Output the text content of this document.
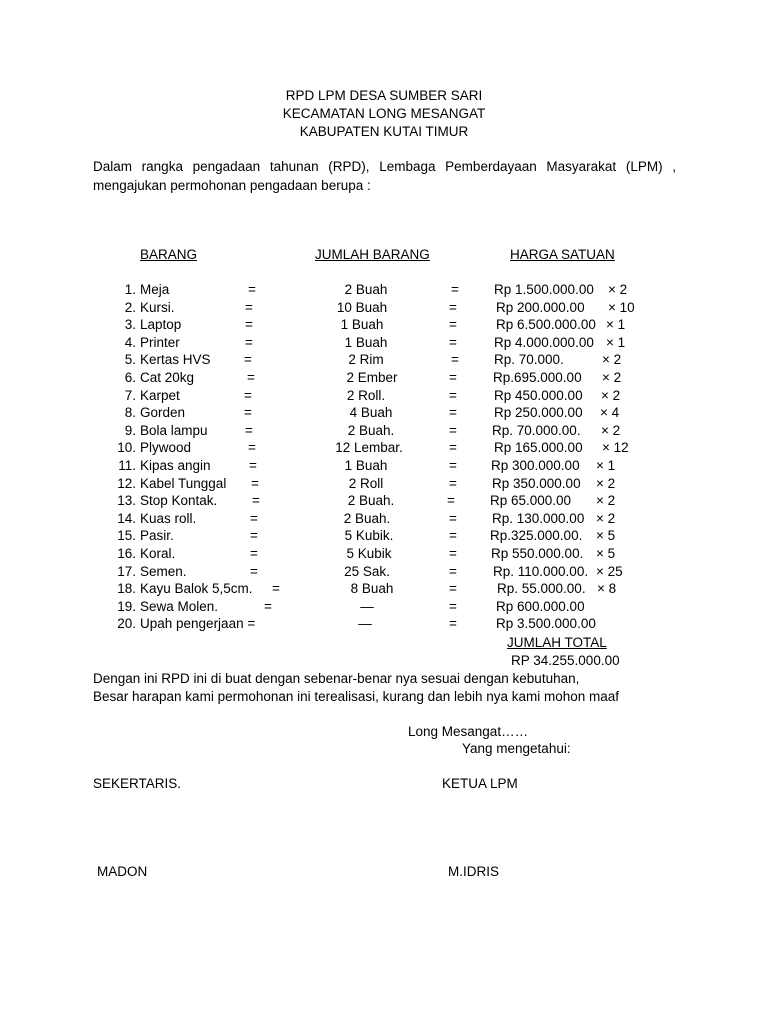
RPD LPM DESA SUMBER SARI
KECAMATAN LONG MESANGAT
KABUPATEN KUTAI TIMUR
Dalam rangka pengadaan tahunan (RPD), Lembaga Pemberdayaan Masyarakat (LPM) , mengajukan permohonan pengadaan berupa :
BARANG	JUMLAH BARANG	HARGA SATUAN
1. Meja	=	2 Buah	=	Rp 1.500.000.00 × 2
2. Kursi.	=	10 Buah	=	Rp 200.000.00 × 10
3. Laptop	=	1 Buah	=	Rp 6.500.000.00 × 1
4. Printer	=	1 Buah	=	Rp 4.000.000.00 × 1
5. Kertas HVS =	2 Rim	=	Rp. 70.000.	× 2
6. Cat 20kg	=	2 Ember	=	Rp.695.000.00 × 2
7. Karpet	=	2 Roll.	=	Rp 450.000.00 × 2
8. Gorden	=	4 Buah	=	Rp 250.000.00 × 4
9. Bola lampu	=	2 Buah.	=	Rp. 70.000.00. × 2
10. Plywood	=	12 Lembar.	=	Rp 165.000.00 × 12
11. Kipas angin	=	1 Buah	=	Rp 300.000.00 × 1
12. Kabel Tunggal =	2 Roll	=	Rp 350.000.00 × 2
13. Stop Kontak.	=	2 Buah.	=	Rp 65.000.00 × 2
14. Kuas roll.	=	2 Buah.	=	Rp. 130.000.00 × 2
15. Pasir.	=	5 Kubik.	= Rp.325.000.00. × 5
16. Koral.	=	5 Kubik	=	Rp 550.000.00. × 5
17. Semen.	=	25 Sak.	=	Rp. 110.000.00. × 25
18. Kayu Balok 5,5cm. =	8 Buah	=	Rp. 55.000.00. × 8
19. Sewa Molen.	=	—	=	Rp 600.000.00
20. Upah pengerjaan =	—	=	Rp 3.500.000.00
JUMLAH TOTAL
RP 34.255.000.00
Dengan ini RPD ini di buat dengan sebenar-benar nya sesuai dengan kebutuhan,
Besar harapan kami permohonan ini terealisasi, kurang dan lebih nya kami mohon maaf
Long Mesangat……
Yang mengetahui:
SEKERTARIS.	KETUA LPM
MADON	M.IDRIS
